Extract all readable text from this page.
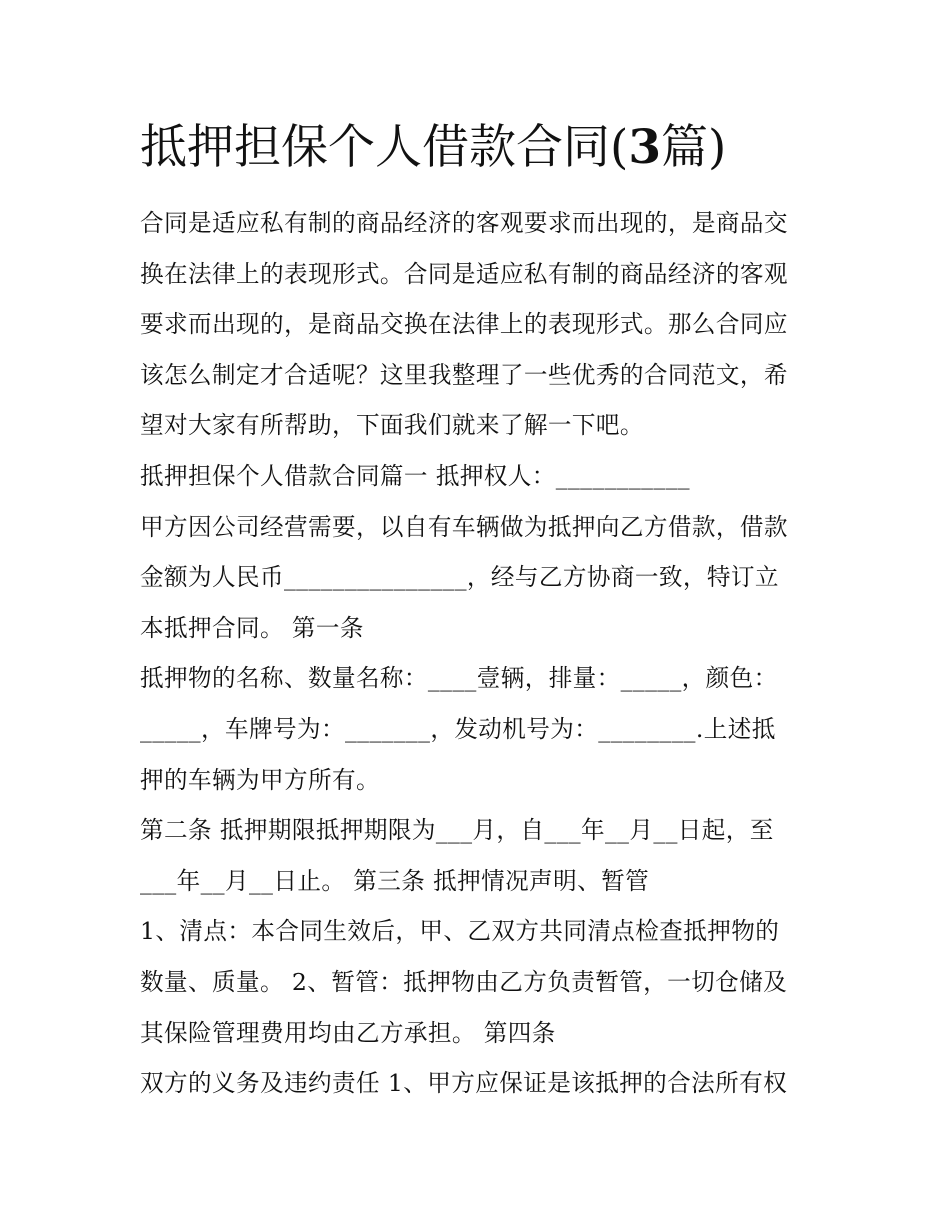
抵押担保个人借款合同(3篇)
合同是适应私有制的商品经济的客观要求而出现的，是商品交
换在法律上的表现形式。合同是适应私有制的商品经济的客观
要求而出现的，是商品交换在法律上的表现形式。那么合同应
该怎么制定才合适呢？这里我整理了一些优秀的合同范文，希
望对大家有所帮助，下面我们就来了解一下吧。
抵押担保个人借款合同篇一 抵押权人：___________
甲方因公司经营需要，以自有车辆做为抵押向乙方借款，借款
金额为人民币_______________，经与乙方协商一致，特订立
本抵押合同。 第一条
抵押物的名称、数量名称：____壹辆，排量：_____，颜色：
_____，车牌号为：_______，发动机号为：________.上述抵
押的车辆为甲方所有。
第二条 抵押期限抵押期限为___月，自___年__月__日起，至
___年__月__日止。 第三条 抵押情况声明、暂管
1、清点：本合同生效后，甲、乙双方共同清点检查抵押物的
数量、质量。 2、暂管：抵押物由乙方负责暂管，一切仓储及
其保险管理费用均由乙方承担。 第四条
双方的义务及违约责任 1、甲方应保证是该抵押的合法所有权
